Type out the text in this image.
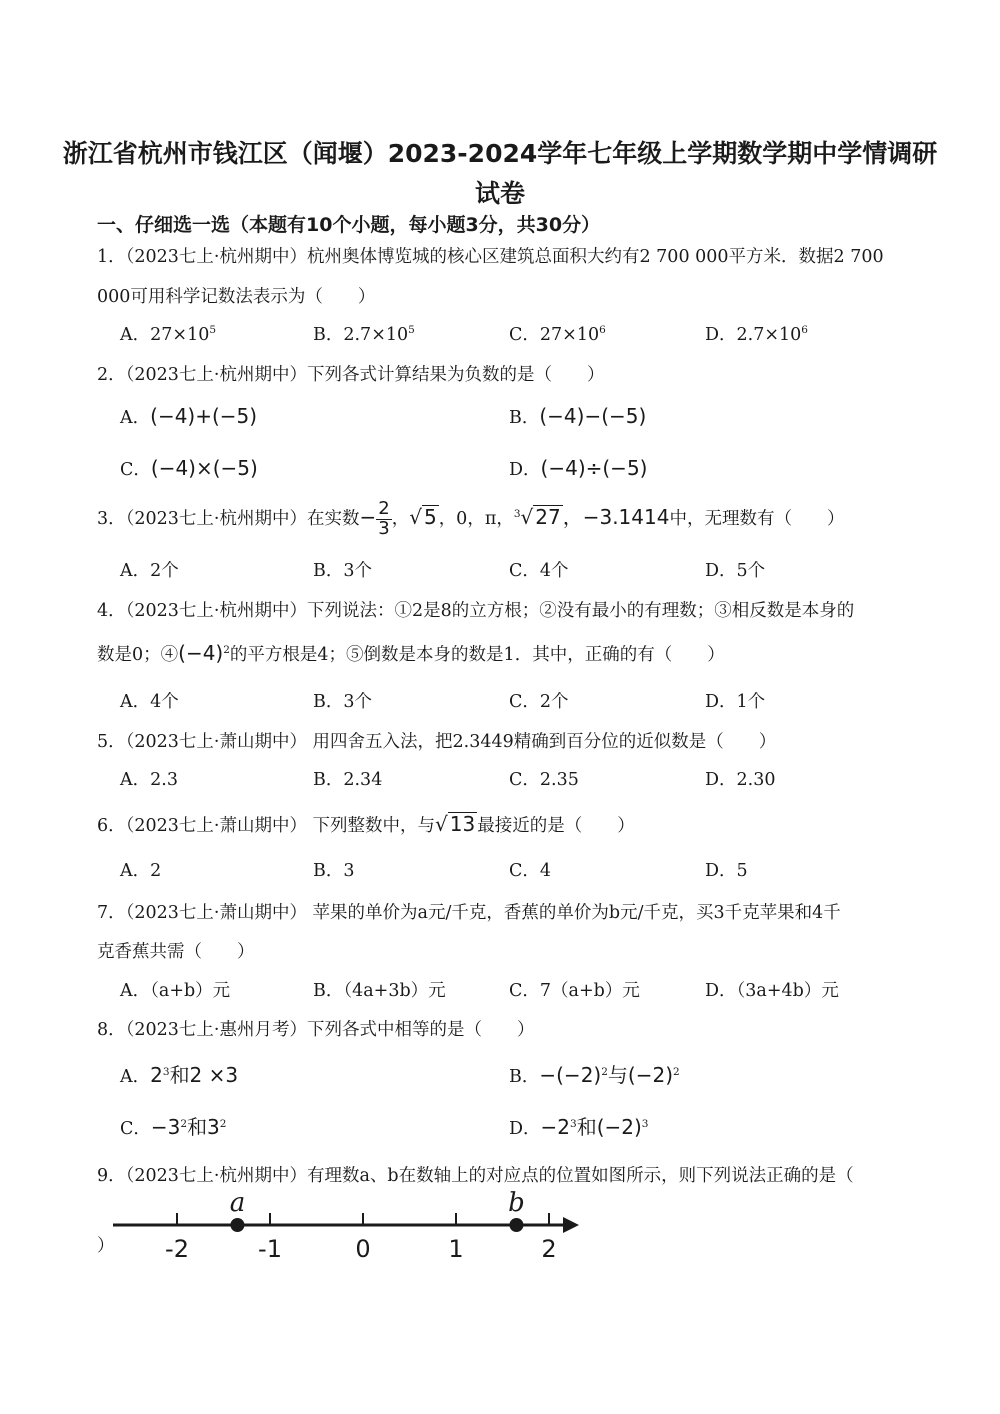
浙江省杭州市钱江区（闻堰）2023-2024学年七年级上学期数学期中学情调研
试卷
一、仔细选一选（本题有10个小题，每小题3分，共30分）
1．（2023七上·杭州期中）杭州奥体博览城的核心区建筑总面积大约有2 700 000平方米．数据2 700
000可用科学记数法表示为（　　）
A．$27\times 10^5$	B．$2.7\times 10^5$	C．$27\times 10^6$	D．$2.7\times 10^6$
2．（2023七上·杭州期中）下列各式计算结果为负数的是（　　）
A．(−4)+(−5)	B．(−4)−(−5)
C．(−4)×(−5)	D．(−4)÷(−5)
3．（2023七上·杭州期中）在实数− $\frac{2}{3}$ ，√ 5 ，0，π，$^3$√ 27 ，−3.1414中，无理数有（　　）
A．2个	B．3个	C．4个	D．5个
4．（2023七上·杭州期中）下列说法：①2是8的立方根；②没有最小的有理数；③相反数是本身的
数是0；$④(-4)^2$的平方根是4；⑤倒数是本身的数是1．其中，正确的有（　　）
A．4个	B．3个	C．2个	D．1个
5．（2023七上·萧山期中） 用四舍五入法，把2.3449精确到百分位的近似数是（　　）
A．2.3	B．2.34	C．2.35	D．2.30
6．（2023七上·萧山期中） 下列整数中，与√ 13 最接近的是（　　）
A．2	B．3	C．4	D．5
7．（2023七上·萧山期中） 苹果的单价为a元/千克，香蕉的单价为b元/千克，买3千克苹果和4千
克香蕉共需（　　）
A．（a+b）元	B．（4a+3b）元	C．7（a+b）元	D．（3a+4b）元
8．（2023七上·惠州月考）下列各式中相等的是（　　）
A．$2^3$和2 ×3	B．$-(-2)^2$与$(-2)^2$
C．$-3^2$和$3^2$	D．$-2^3$和$(-2)^3$
9．（2023七上·杭州期中）有理数a、b在数轴上的对应点的位置如图所示，则下列说法正确的是（
） -2	-1	0	1	2
a	b
